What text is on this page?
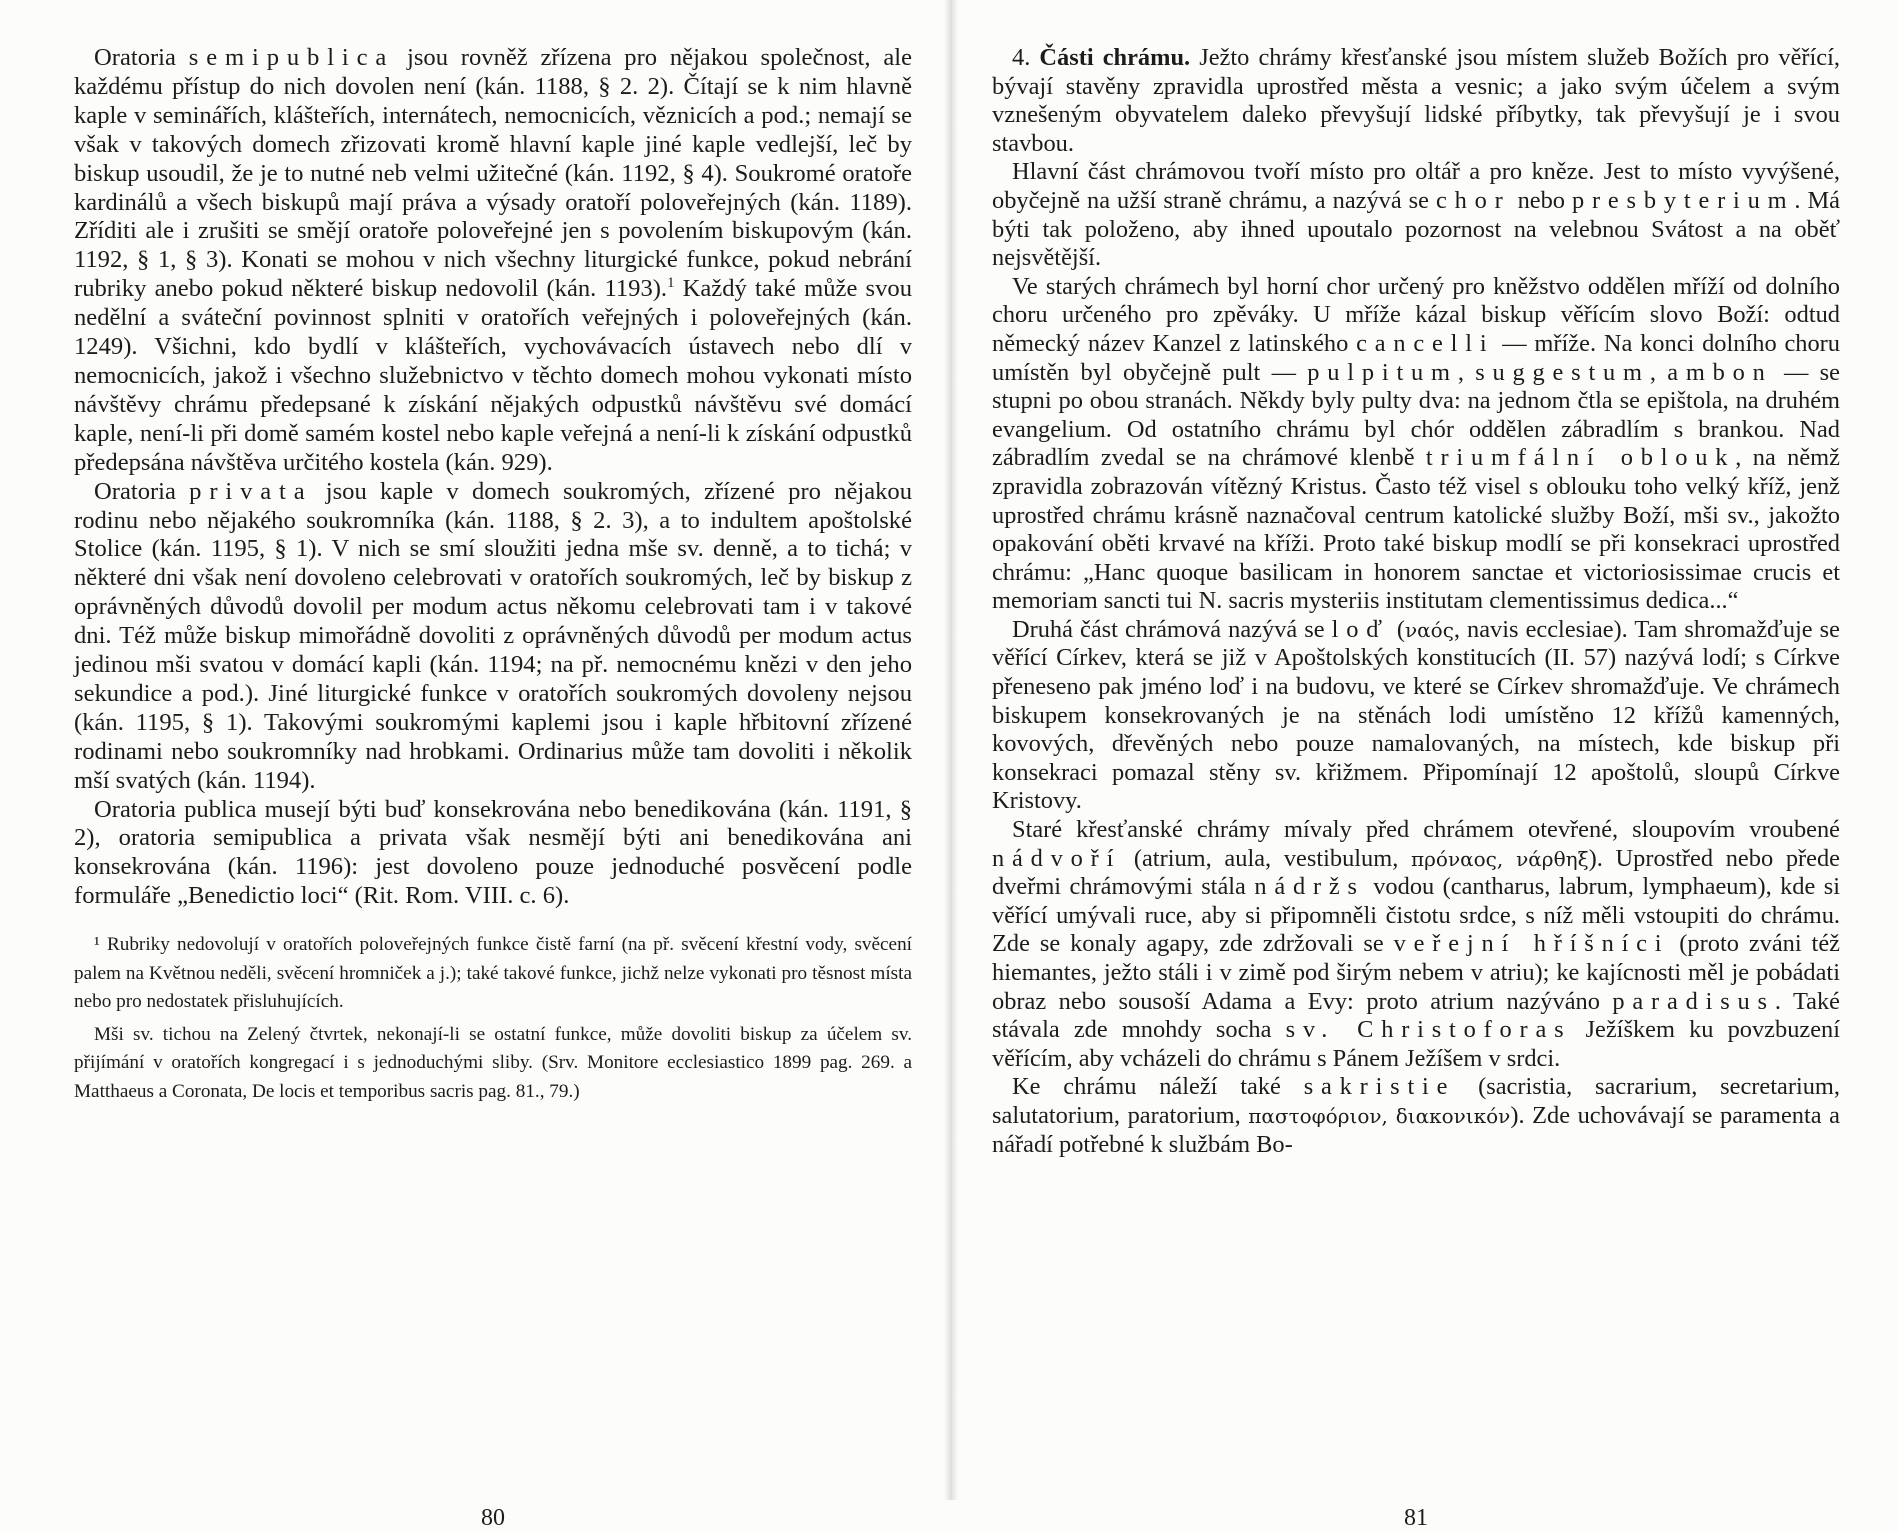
Oratoria semipublica jsou rovněž zřízena pro nějakou společnost, ale každému přístup do nich dovolen není (kán. 1188, § 2. 2). Čítají se k nim hlavně kaple v seminářích, klášteřích, internátech, nemocnicích, věznicích a pod.; nemají se však v takových domech zřizovati kromě hlavní kaple jiné kaple vedlejší, leč by biskup usoudil, že je to nutné neb velmi užitečné (kán. 1192, § 4). Soukromé oratoře kardinálů a všech biskupů mají práva a výsady oratoří poloveřejných (kán. 1189). Zříditi ale i zrušiti se smějí oratoře poloveřejné jen s povolením biskupovým (kán. 1192, § 1, § 3). Konati se mohou v nich všechny liturgické funkce, pokud nebrání rubriky anebo pokud některé biskup nedovolil (kán. 1193).$^1$ Každý také může svou nedělní a sváteční povinnost splniti v oratořích veřejných i poloveřejných (kán. 1249). Všichni, kdo bydlí v klášteřích, vychovávacích ústavech nebo dlí v nemocnicích, jakož i všechno služebnictvo v těchto domech mohou vykonati místo návštěvy chrámu předepsané k získání nějakých odpustků návštěvu své domácí kaple, není-li při domě samém kostel nebo kaple veřejná a není-li k získání odpustků předepsána návštěva určitého kostela (kán. 929).

Oratoria privata jsou kaple v domech soukromých, zřízené pro nějakou rodinu nebo nějakého soukromníka (kán. 1188, § 2. 3), a to indultem apoštolské Stolice (kán. 1195, § 1). V nich se smí sloužiti jedna mše sv. denně, a to tichá; v některé dni však není dovoleno celebrovati v oratořích soukromých, leč by biskup z oprávněných důvodů dovolil per modum actus někomu celebrovati tam i v takové dni. Též může biskup mimořádně dovoliti z oprávněných důvodů per modum actus jedinou mši svatou v domácí kapli (kán. 1194; na př. nemocnému knězi v den jeho sekundice a pod.). Jiné liturgické funkce v oratořích soukromých dovoleny nejsou (kán. 1195, § 1). Takovými soukromými kaplemi jsou i kaple hřbitovní zřízené rodinami nebo soukromníky nad hrobkami. Ordinarius může tam dovoliti i několik mší svatých (kán. 1194).

Oratoria publica musejí býti buď konsekrována nebo benedikována (kán. 1191, § 2), oratoria semipublica a privata však nesmějí býti ani benedikována ani konsekrována (kán. 1196): jest dovoleno pouze jednoduché posvěcení podle formuláře „Benedictio loci“ (Rit. Rom. VIII. c. 6).

¹ Rubriky nedovolují v oratořích poloveřejných funkce čistě farní (na př. svěcení křestní vody, svěcení palem na Květnou neděli, svěcení hromniček a j.); také takové funkce, jichž nelze vykonati pro těsnost místa nebo pro nedostatek přisluhujících.

Mši sv. tichou na Zelený čtvrtek, nekonají-li se ostatní funkce, může dovoliti biskup za účelem sv. přijímání v oratořích kongregací i s jednoduchými sliby. (Srv. Monitore ecclesiastico 1899 pag. 269. a Matthaeus a Coronata, De locis et temporibus sacris pag. 81., 79.)

80

4. Části chrámu. Ježto chrámy křesťanské jsou místem služeb Božích pro věřící, bývají stavěny zpravidla uprostřed města a vesnic; a jako svým účelem a svým vznešeným obyvatelem daleko převyšují lidské příbytky, tak převyšují je i svou stavbou.

Hlavní část chrámovou tvoří místo pro oltář a pro kněze. Jest to místo vyvýšené, obyčejně na užší straně chrámu, a nazývá se chor nebo presbyterium. Má býti tak položeno, aby ihned upoutalo pozornost na velebnou Svátost a na oběť nejsvětější.

Ve starých chrámech byl horní chor určený pro kněžstvo oddělen mříží od dolního choru určeného pro zpěváky. U mříže kázal biskup věřícím slovo Boží: odtud německý název Kanzel z latinského cancelli — mříže. Na konci dolního choru umístěn byl obyčejně pult — pulpitum, suggestum, ambon — se stupni po obou stranách. Někdy byly pulty dva: na jednom čtla se epištola, na druhém evangelium. Od ostatního chrámu byl chór oddělen zábradlím s brankou. Nad zábradlím zvedal se na chrámové klenbě triumfální oblouk, na němž zpravidla zobrazován vítězný Kristus. Často též visel s oblouku toho velký kříž, jenž uprostřed chrámu krásně naznačoval centrum katolické služby Boží, mši sv., jakožto opakování oběti krvavé na kříži. Proto také biskup modlí se při konsekraci uprostřed chrámu: „Hanc quoque basilicam in honorem sanctae et victoriosissimae crucis et memoriam sancti tui N. sacris mysteriis institutam clementissimus dedica...“

Druhá část chrámová nazývá se loď (ναός, navis ecclesiae). Tam shromažďuje se věřící Církev, která se již v Apoštolských konstitucích (II. 57) nazývá lodí; s Církve přeneseno pak jméno loď i na budovu, ve které se Církev shromažďuje. Ve chrámech biskupem konsekrovaných je na stěnách lodi umístěno 12 křížů kamenných, kovových, dřevěných nebo pouze namalovaných, na místech, kde biskup při konsekraci pomazal stěny sv. křižmem. Připomínají 12 apoštolů, sloupů Církve Kristovy.

Staré křesťanské chrámy mívaly před chrámem otevřené, sloupovím vroubené nádvoří (atrium, aula, vestibulum, πρόναος, νάρθηξ). Uprostřed nebo přede dveřmi chrámovými stála nádržs vodou (cantharus, labrum, lymphaeum), kde si věřící umývali ruce, aby si připomněli čistotu srdce, s níž měli vstoupiti do chrámu. Zde se konaly agapy, zde zdržovali se veřejní hříšníci (proto zváni též hiemantes, ježto stáli i v zimě pod širým nebem v atriu); ke kajícnosti měl je pobádati obraz nebo sousoší Adama a Evy: proto atrium nazýváno paradisus. Také stávala zde mnohdy socha sv. Christoforas Ježíškem ku povzbuzení věřícím, aby vcházeli do chrámu s Pánem Ježíšem v srdci.

Ke chrámu náleží také sakristie (sacristia, sacrarium, secretarium, salutatorium, paratorium, παστοφόριον, διακονικόν). Zde uchovávají se paramenta a nářadí potřebné k službám Bo-

81
